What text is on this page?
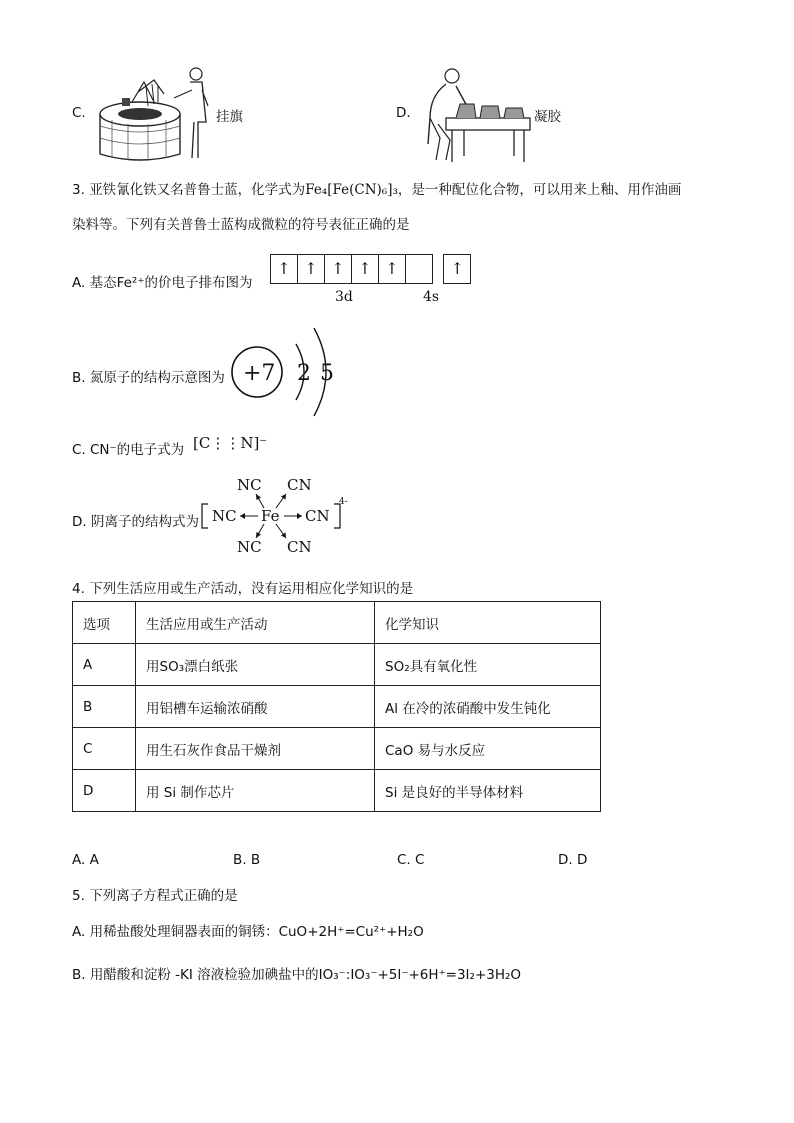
C.	挂旗	D.	凝胶
3. 亚铁氰化铁又名普鲁士蓝，化学式为Fe₄[Fe(CN)₆]₃，是一种配位化合物，可以用来上釉、用作油画
染料等。下列有关普鲁士蓝构成微粒的符号表征正确的是
A. 基态Fe²⁺的价电子排布图为
↑ ↑ ↑ ↑ ↑	↑
3d	4s
B. 氮原子的结构示意图为 +7 2 5
C. CN⁻的电子式为 [C⋮⋮N]⁻
D. 阴离子的结构式为
NC CN
NC Fe CN
NC CN
4-
4. 下列生活应用或生产活动，没有运用相应化学知识的是
选项	生活应用或生产活动	化学知识
A	用SO₃漂白纸张	SO₂具有氧化性
B	用铝槽车运输浓硝酸	Al 在冷的浓硝酸中发生钝化
C	用生石灰作食品干燥剂	CaO 易与水反应
D	用 Si 制作芯片	Si 是良好的半导体材料
A. A	B. B	C. C	D. D
5. 下列离子方程式正确的是
A. 用稀盐酸处理铜器表面的铜锈：CuO+2H⁺=Cu²⁺+H₂O
B. 用醋酸和淀粉 -KI 溶液检验加碘盐中的IO₃⁻:IO₃⁻+5I⁻+6H⁺=3I₂+3H₂O
